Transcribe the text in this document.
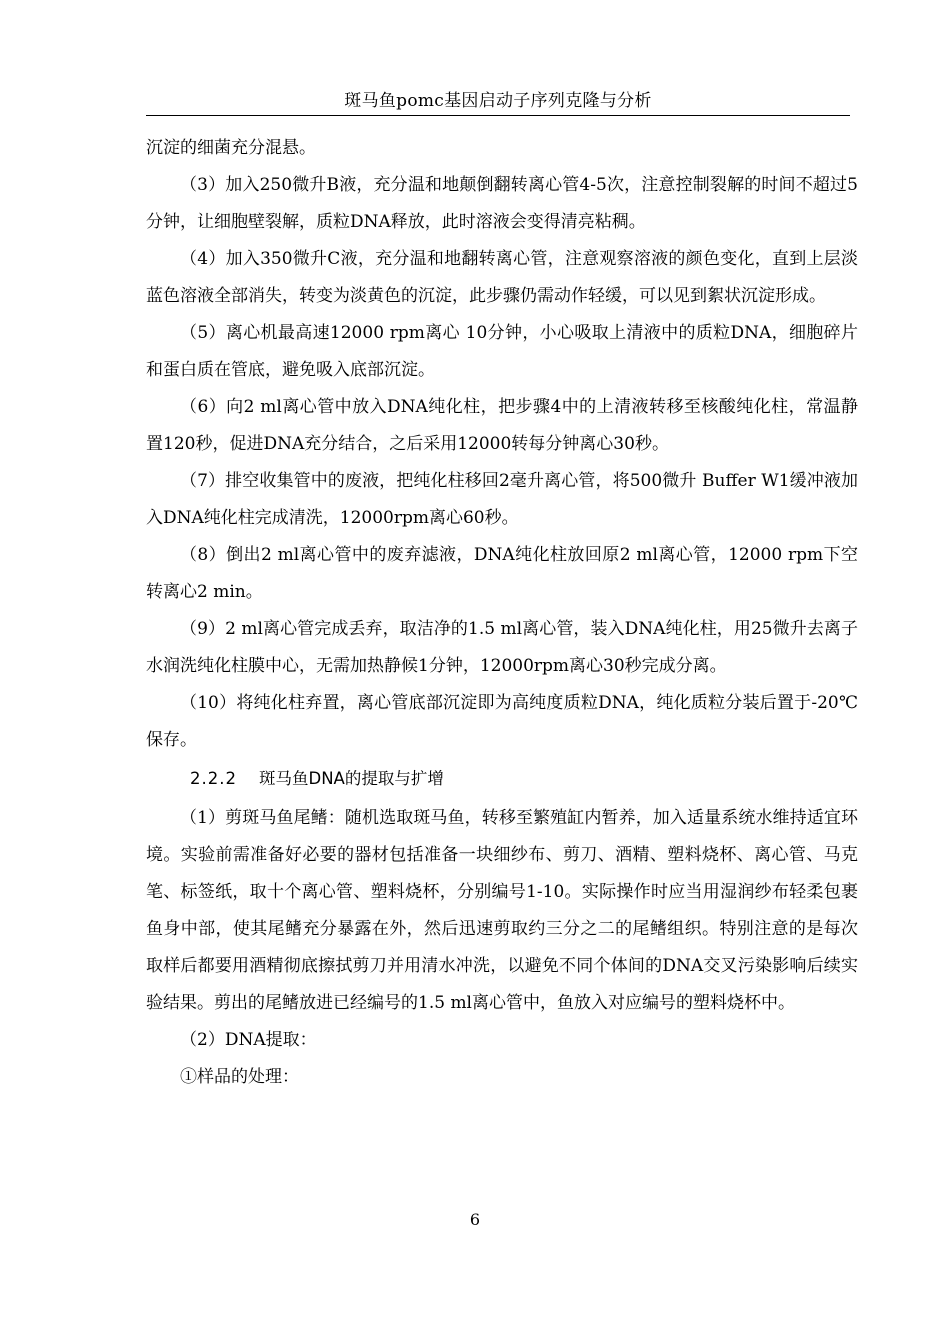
斑马鱼pomc基因启动子序列克隆与分析

沉淀的细菌充分混悬。

（3）加入250微升B液，充分温和地颠倒翻转离心管4-5次，注意控制裂解的时间不超过5分钟，让细胞壁裂解，质粒DNA释放，此时溶液会变得清亮粘稠。

（4）加入350微升C液，充分温和地翻转离心管，注意观察溶液的颜色变化，直到上层淡蓝色溶液全部消失，转变为淡黄色的沉淀，此步骤仍需动作轻缓，可以见到絮状沉淀形成。

（5）离心机最高速12000 rpm离心 10分钟，小心吸取上清液中的质粒DNA，细胞碎片和蛋白质在管底，避免吸入底部沉淀。

（6）向2 ml离心管中放入DNA纯化柱，把步骤4中的上清液转移至核酸纯化柱，常温静置120秒，促进DNA充分结合，之后采用12000转每分钟离心30秒。

（7）排空收集管中的废液，把纯化柱移回2毫升离心管，将500微升 Buffer W1缓冲液加入DNA纯化柱完成清洗，12000rpm离心60秒。

（8）倒出2 ml离心管中的废弃滤液，DNA纯化柱放回原2 ml离心管，12000 rpm下空转离心2 min。

（9）2 ml离心管完成丢弃，取洁净的1.5 ml离心管，装入DNA纯化柱，用25微升去离子水润洗纯化柱膜中心，无需加热静候1分钟，12000rpm离心30秒完成分离。

（10）将纯化柱弃置，离心管底部沉淀即为高纯度质粒DNA，纯化质粒分装后置于-20℃保存。

2.2.2 斑马鱼DNA的提取与扩增

（1）剪斑马鱼尾鳍：随机选取斑马鱼，转移至繁殖缸内暂养，加入适量系统水维持适宜环境。实验前需准备好必要的器材包括准备一块细纱布、剪刀、酒精、塑料烧杯、离心管、马克笔、标签纸，取十个离心管、塑料烧杯，分别编号1-10。实际操作时应当用湿润纱布轻柔包裹鱼身中部，使其尾鳍充分暴露在外，然后迅速剪取约三分之二的尾鳍组织。特别注意的是每次取样后都要用酒精彻底擦拭剪刀并用清水冲洗，以避免不同个体间的DNA交叉污染影响后续实验结果。剪出的尾鳍放进已经编号的1.5 ml离心管中，鱼放入对应编号的塑料烧杯中。

（2）DNA提取：

①样品的处理：

6
